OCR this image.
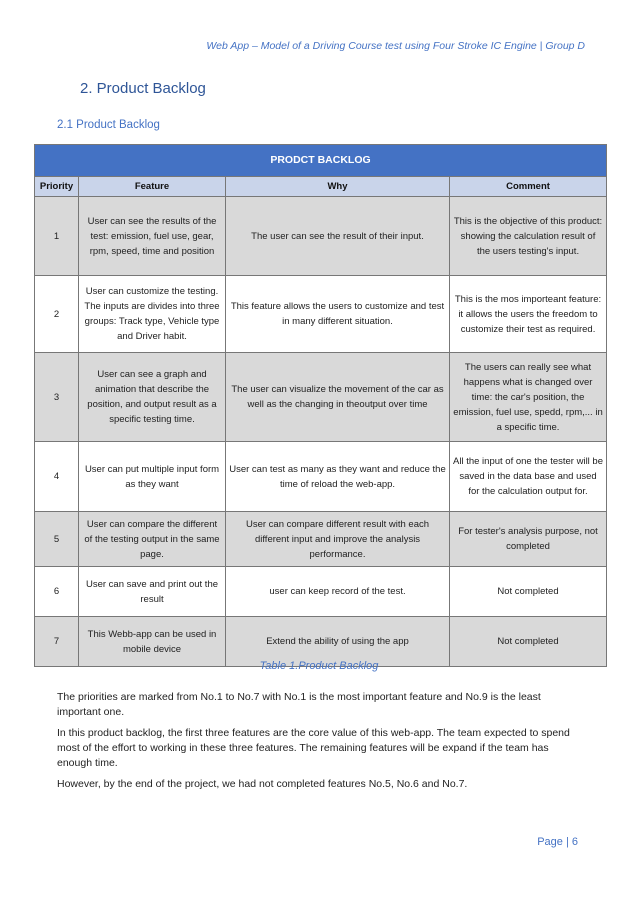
Web App – Model of a Driving Course test using Four Stroke IC Engine | Group D
2. Product Backlog
2.1 Product Backlog
PRODCT BACKLOG			
Priority	Feature	Why	Comment
1	User can see the results of the test: emission, fuel use, gear, rpm, speed, time and position	The user can see the result of their input.	This is the objective of this product: showing the calculation result of the users testing's input.
2	User can customize the testing. The inputs are divides into three groups: Track type, Vehicle type and Driver habit.	This feature allows the users to customize and test in many different situation.	This is the mos importeant feature: it allows the users the freedom to customize their test as required.
3	User can see a graph and animation that describe the position, and output result as a specific testing time.	The user can visualize the movement of the car as well as the changing in theoutput over time	The users can really see what happens what is changed over time: the car's position, the emission, fuel use, spedd, rpm,... in a specific time.
4	User can put multiple input form as they want	User can test as many as they want and reduce the time of reload the web-app.	All the input of one the tester will be saved in the data base and used for the calculation output for.
5	User can compare the different of the testing output in the same page.	User can compare different result with each different input and improve the analysis performance.	For tester's analysis purpose, not completed
6	User can save and print out the result	user can keep record of the test.	Not completed
7	This Webb-app can be used in mobile device	Extend the ability of using the app	Not completed
Table 1.Product Backlog

The priorities are marked from No.1 to No.7 with No.1 is the most important feature and No.9 is the least important one.

In this product backlog, the first three features are the core value of this web-app. The team expected to spend most of the effort to working in these three features. The remaining features will be expand if the team has enough time.

However, by the end of the project, we had not completed features No.5, No.6 and No.7.

Page | 6
